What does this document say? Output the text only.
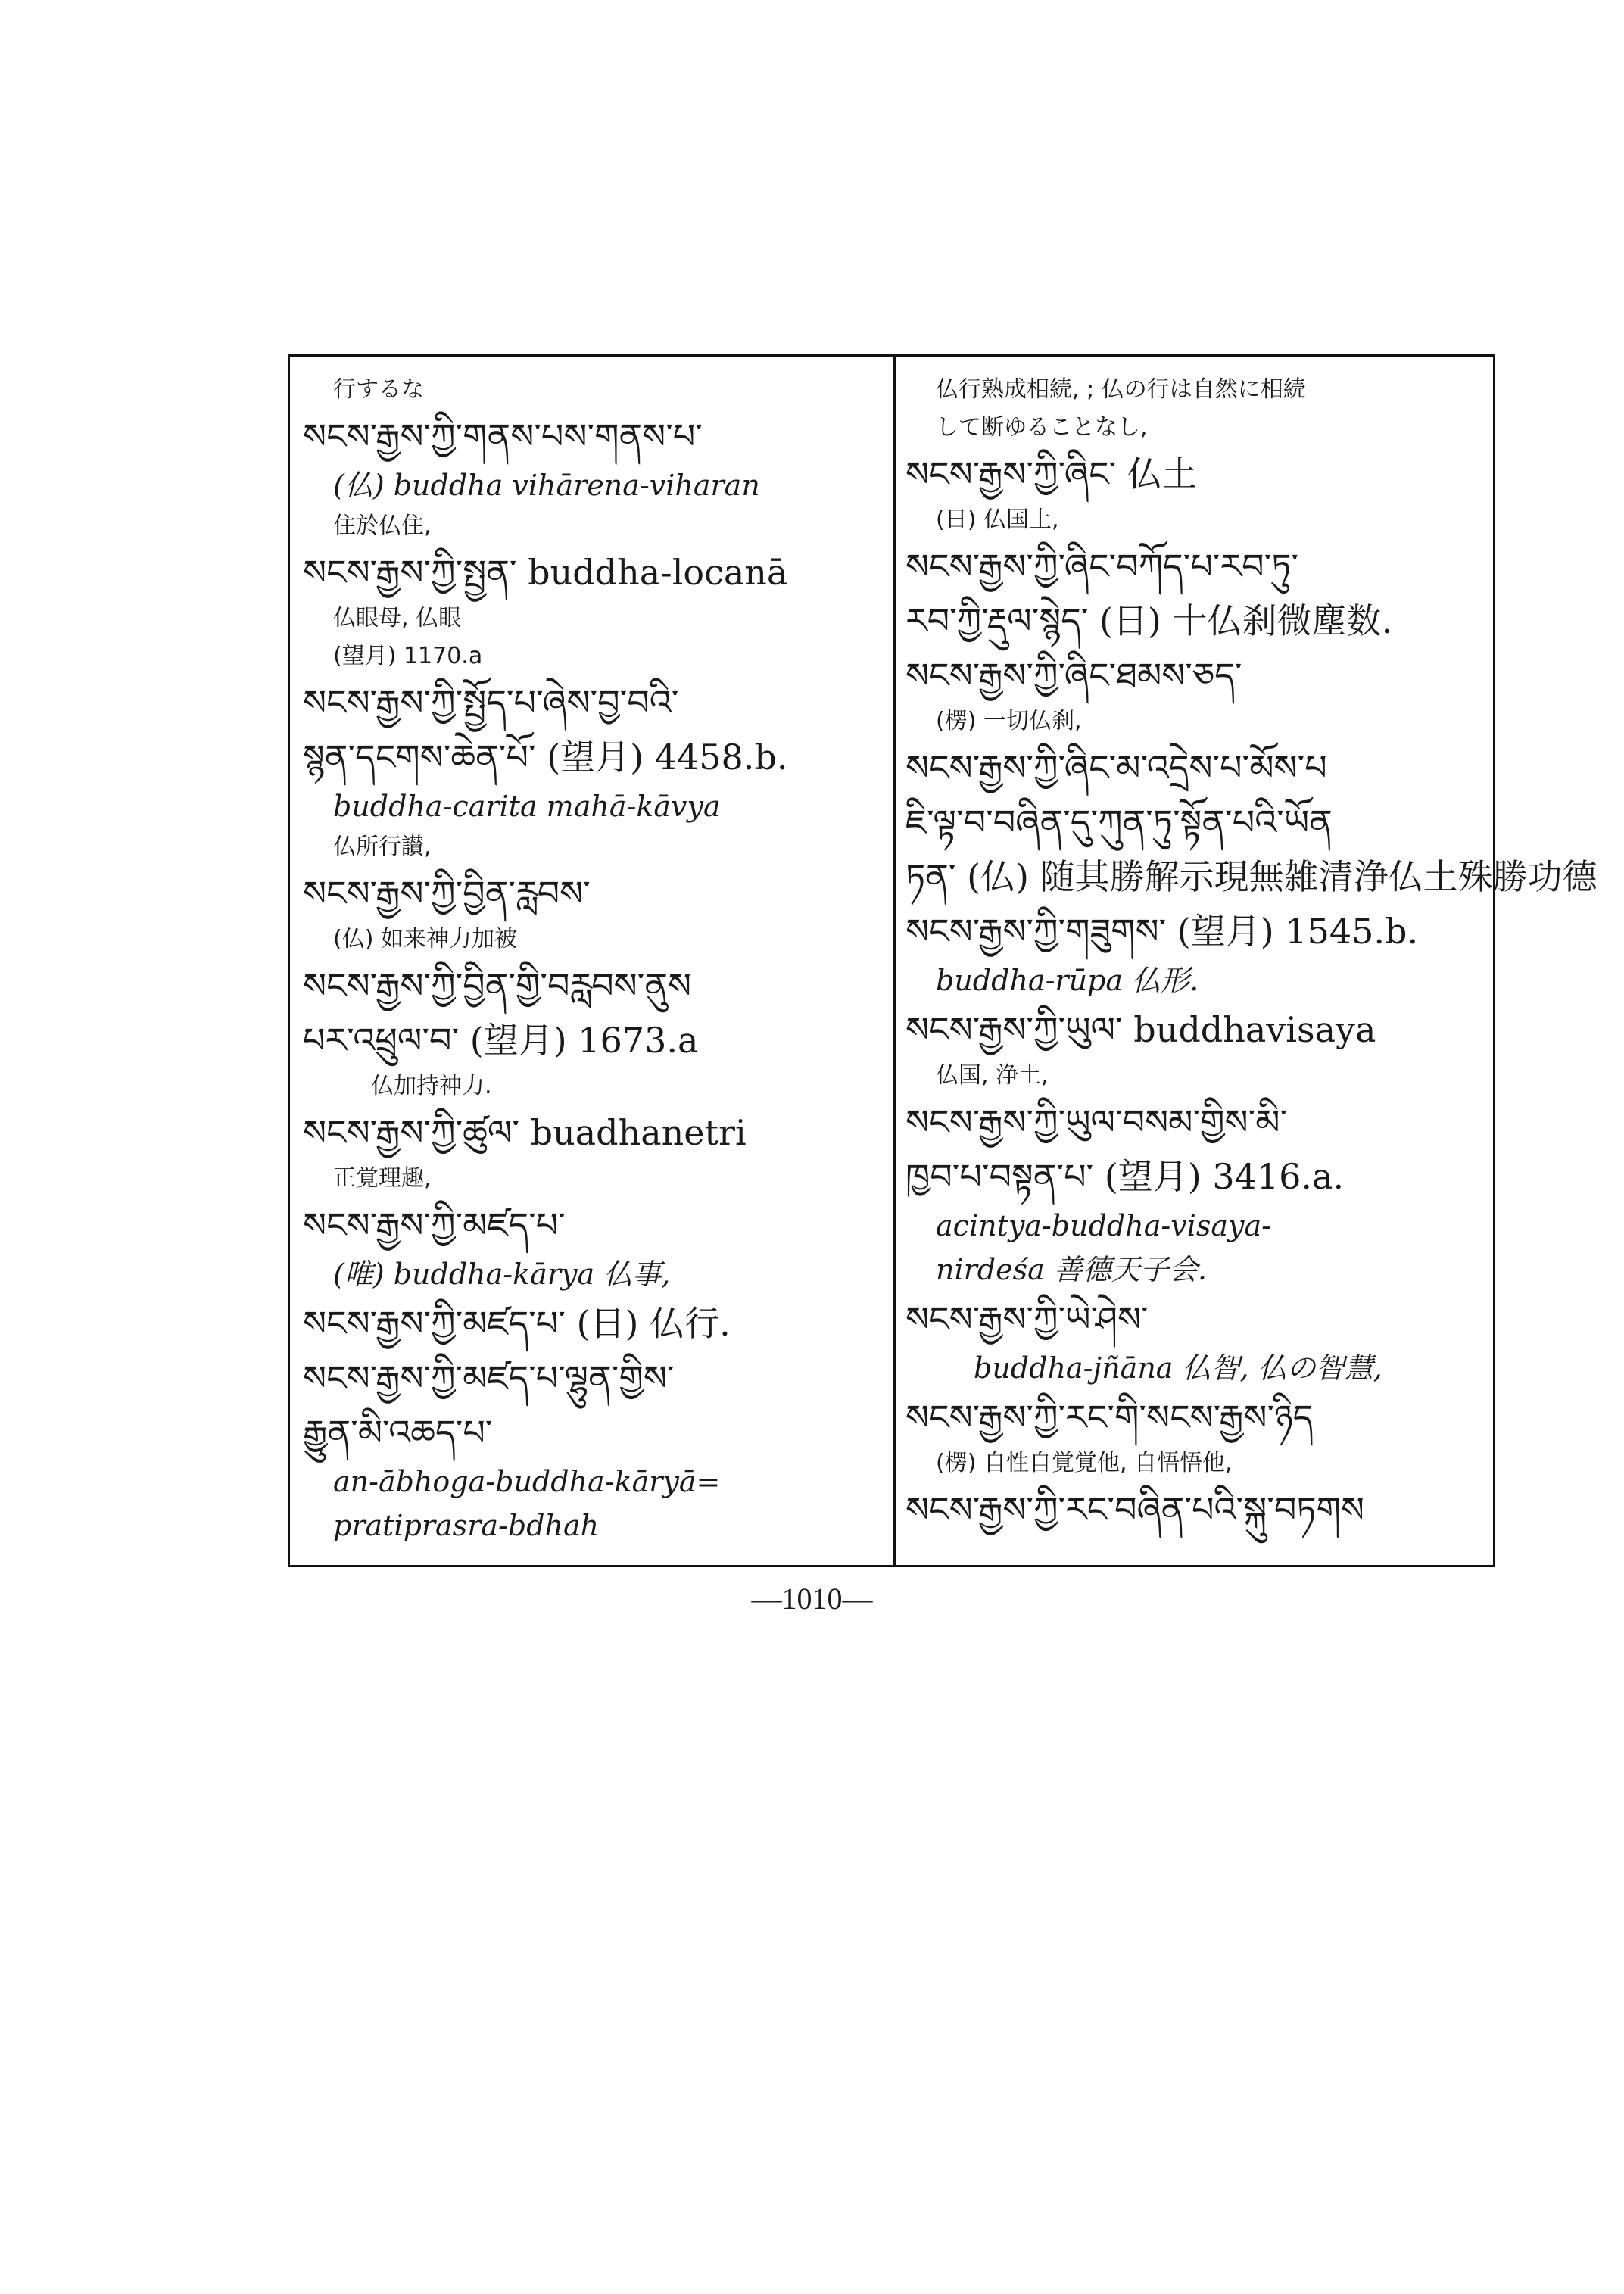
行するな
སངས་རྒྱས་ཀྱི་གནས་པས་གནས་པ་
(仏) buddha vihārena-viharan
住於仏住,
སངས་རྒྱས་ཀྱི་སྤྱན་ buddha-locanā
仏眼母, 仏眼
(望月) 1170.a
སངས་རྒྱས་ཀྱི་སྤྱོད་པ་ཞེས་བྱ་བའི་
སྙན་དངགས་ཆེན་པོ་ (望月) 4458.b.
buddha-carita mahā-kāvya
仏所行讃,
སངས་རྒྱས་ཀྱི་བྱིན་རླབས་
(仏) 如来神力加被
སངས་རྒྱས་ཀྱི་བྱིན་གྱི་བརླབས་ནུས
པར་འཕྲུལ་བ་ (望月) 1673.a
仏加持神力.
སངས་རྒྱས་ཀྱི་ཚུལ་ buadhanetri
正覚理趣,
སངས་རྒྱས་ཀྱི་མཛད་པ་
(唯) buddha-kārya 仏事,
སངས་རྒྱས་ཀྱི་མཛད་པ་ (日) 仏行.
སངས་རྒྱས་ཀྱི་མཛད་པ་ལྷུན་གྱིས་
རྒྱུན་མི་འཆད་པ་
an-ābhoga-buddha-kāryā=
pratiprasra-bdhah
仏行熟成相続, ; 仏の行は自然に相続
して断ゆることなし,
སངས་རྒྱས་ཀྱི་ཞིང་ 仏土
(日) 仏国土,
སངས་རྒྱས་ཀྱི་ཞིང་བཀོད་པ་རབ་ཏུ་
རབ་ཀྱི་རྡུལ་སྙེད་ (日) 十仏刹微塵数.
སངས་རྒྱས་ཀྱི་ཞིང་ཐམས་ཅད་
(楞) 一切仏刹,
སངས་རྒྱས་ཀྱི་ཞིང་མ་འདྲེས་པ་མོས་པ
ཇི་ལྟ་བ་བཞིན་དུ་ཀུན་ཏུ་སྟོན་པའི་ཡོན
ཏན་ (仏) 随其勝解示現無雑清浄仏土殊勝功德
སངས་རྒྱས་ཀྱི་གཟུགས་ (望月) 1545.b.
buddha-rūpa 仏形.
སངས་རྒྱས་ཀྱི་ཡུལ་ buddhavisaya
仏国, 浄土,
སངས་རྒྱས་ཀྱི་ཡུལ་བསམ་གྱིས་མི་
ཁྱབ་པ་བསྟན་པ་ (望月) 3416.a.
acintya-buddha-visaya-
nirdeśa 善德天子会.
སངས་རྒྱས་ཀྱི་ཡེ་ཤེས་
buddha-jñāna 仏智, 仏の智慧,
སངས་རྒྱས་ཀྱི་རང་གི་སངས་རྒྱས་ཉིད
(楞) 自性自覚覚他, 自悟悟他,
སངས་རྒྱས་ཀྱི་རང་བཞིན་པའི་སྐུ་བཏགས
—1010—
